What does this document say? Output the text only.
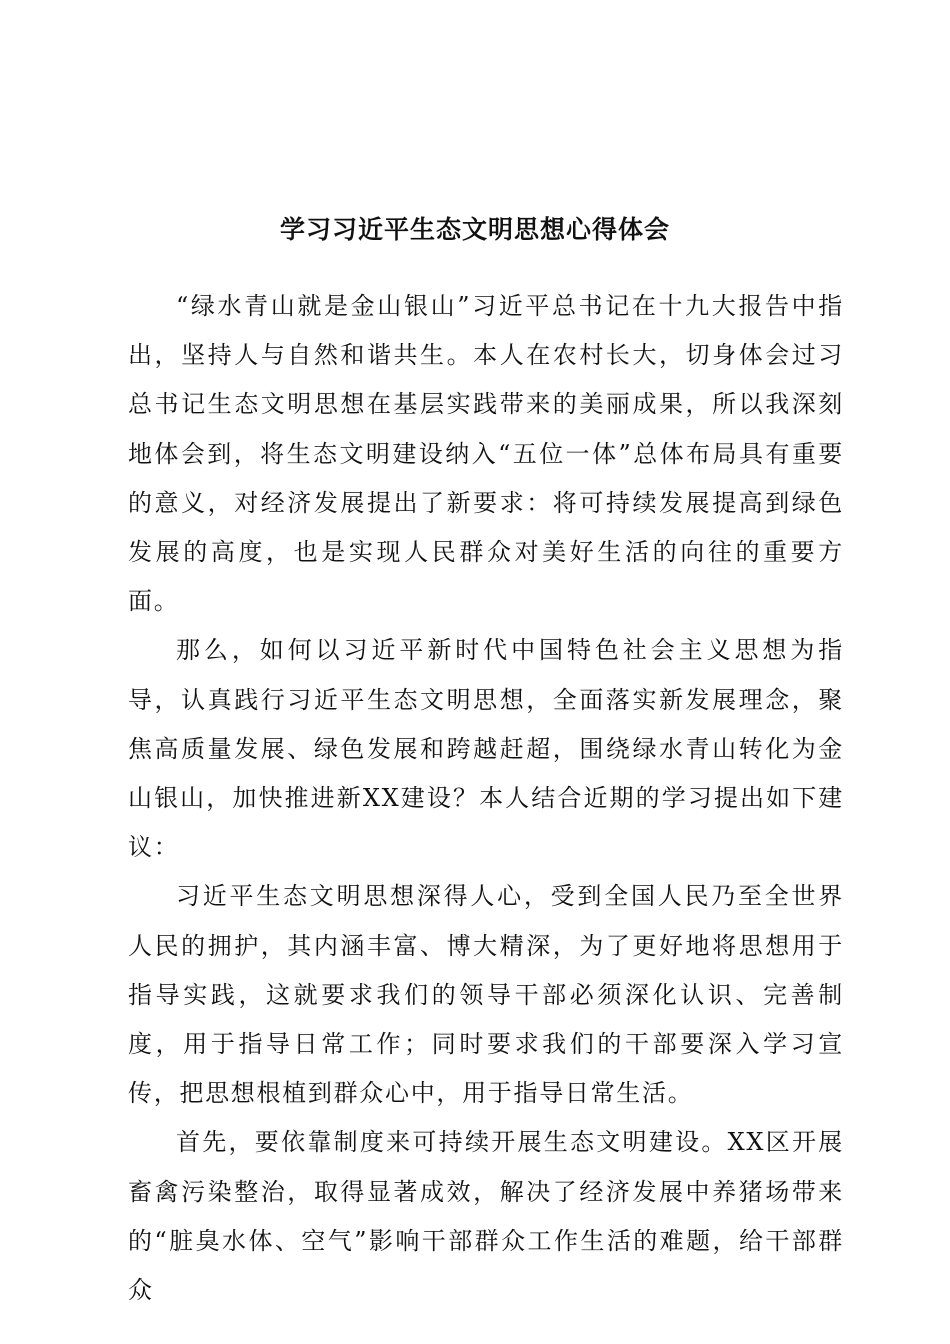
学习习近平生态文明思想心得体会

“绿水青山就是金山银山”习近平总书记在十九大报告中指出，坚持人与自然和谐共生。本人在农村长大，切身体会过习总书记生态文明思想在基层实践带来的美丽成果，所以我深刻地体会到，将生态文明建设纳入“五位一体”总体布局具有重要的意义，对经济发展提出了新要求：将可持续发展提高到绿色发展的高度，也是实现人民群众对美好生活的向往的重要方面。

那么，如何以习近平新时代中国特色社会主义思想为指导，认真践行习近平生态文明思想，全面落实新发展理念，聚焦高质量发展、绿色发展和跨越赶超，围绕绿水青山转化为金山银山，加快推进新XX建设？本人结合近期的学习提出如下建议：

习近平生态文明思想深得人心，受到全国人民乃至全世界人民的拥护，其内涵丰富、博大精深，为了更好地将思想用于指导实践，这就要求我们的领导干部必须深化认识、完善制度，用于指导日常工作；同时要求我们的干部要深入学习宣传，把思想根植到群众心中，用于指导日常生活。

首先，要依靠制度来可持续开展生态文明建设。XX区开展畜禽污染整治，取得显著成效，解决了经济发展中养猪场带来的“脏臭水体、空气”影响干部群众工作生活的难题，给干部群众
